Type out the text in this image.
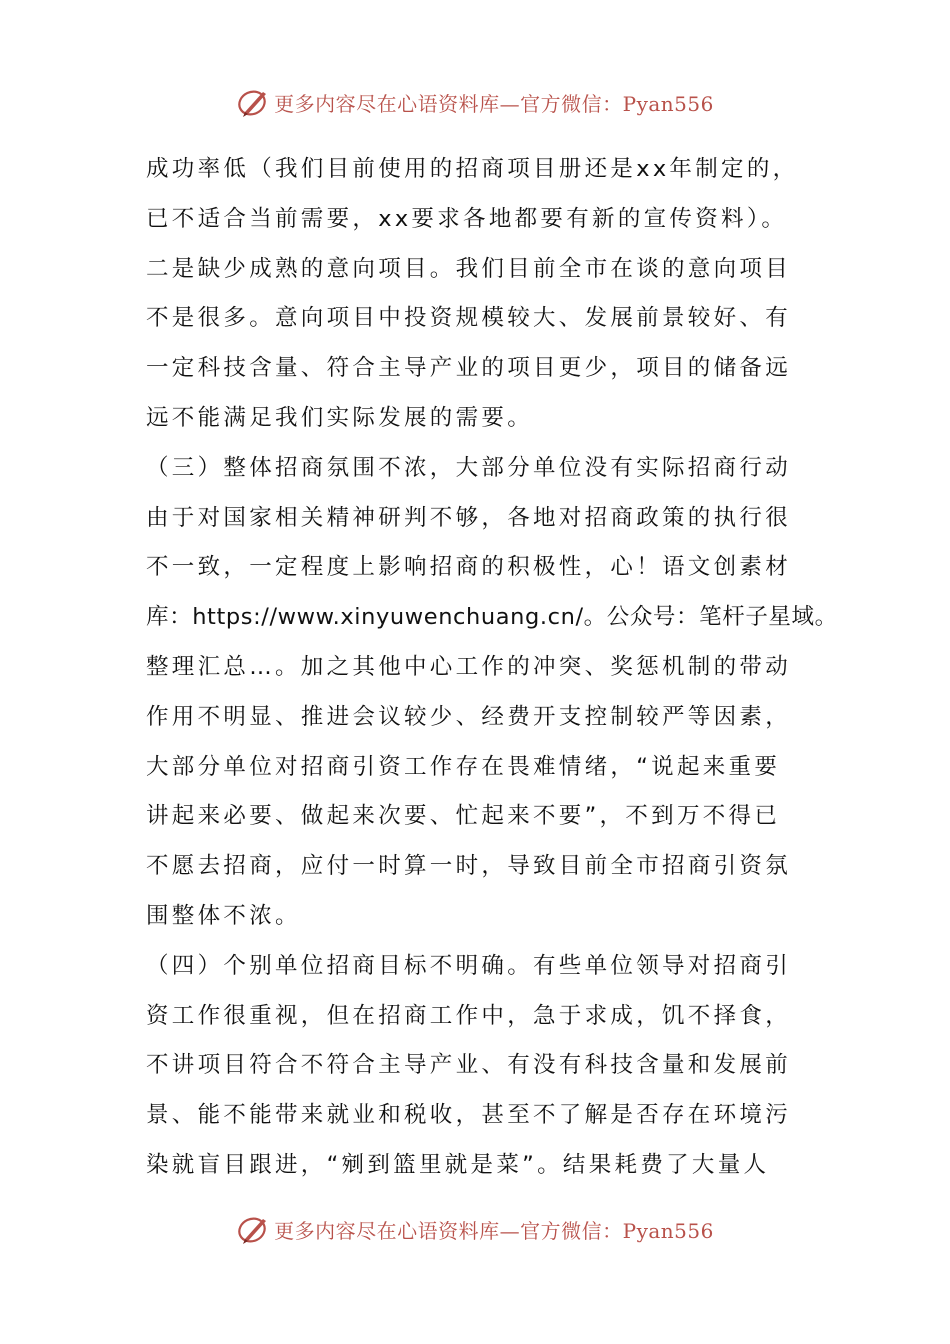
更多内容尽在心语资料库—官方微信：Pyan556
成功率低（我们目前使用的招商项目册还是xx年制定的，
已不适合当前需要，xx要求各地都要有新的宣传资料）。
二是缺少成熟的意向项目。我们目前全市在谈的意向项目
不是很多。意向项目中投资规模较大、发展前景较好、有
一定科技含量、符合主导产业的项目更少，项目的储备远
远不能满足我们实际发展的需要。
（三）整体招商氛围不浓，大部分单位没有实际招商行动
由于对国家相关精神研判不够，各地对招商政策的执行很
不一致，一定程度上影响招商的积极性，心！语文创素材
库：https://www.xinyuwenchuang.cn/。公众号：笔杆子星域。
整理汇总…。加之其他中心工作的冲突、奖惩机制的带动
作用不明显、推进会议较少、经费开支控制较严等因素，
大部分单位对招商引资工作存在畏难情绪，“说起来重要
讲起来必要、做起来次要、忙起来不要”，不到万不得已
不愿去招商，应付一时算一时，导致目前全市招商引资氛
围整体不浓。
（四）个别单位招商目标不明确。有些单位领导对招商引
资工作很重视，但在招商工作中，急于求成，饥不择食，
不讲项目符合不符合主导产业、有没有科技含量和发展前
景、能不能带来就业和税收，甚至不了解是否存在环境污
染就盲目跟进，“剜到篮里就是菜”。结果耗费了大量人
更多内容尽在心语资料库—官方微信：Pyan556
